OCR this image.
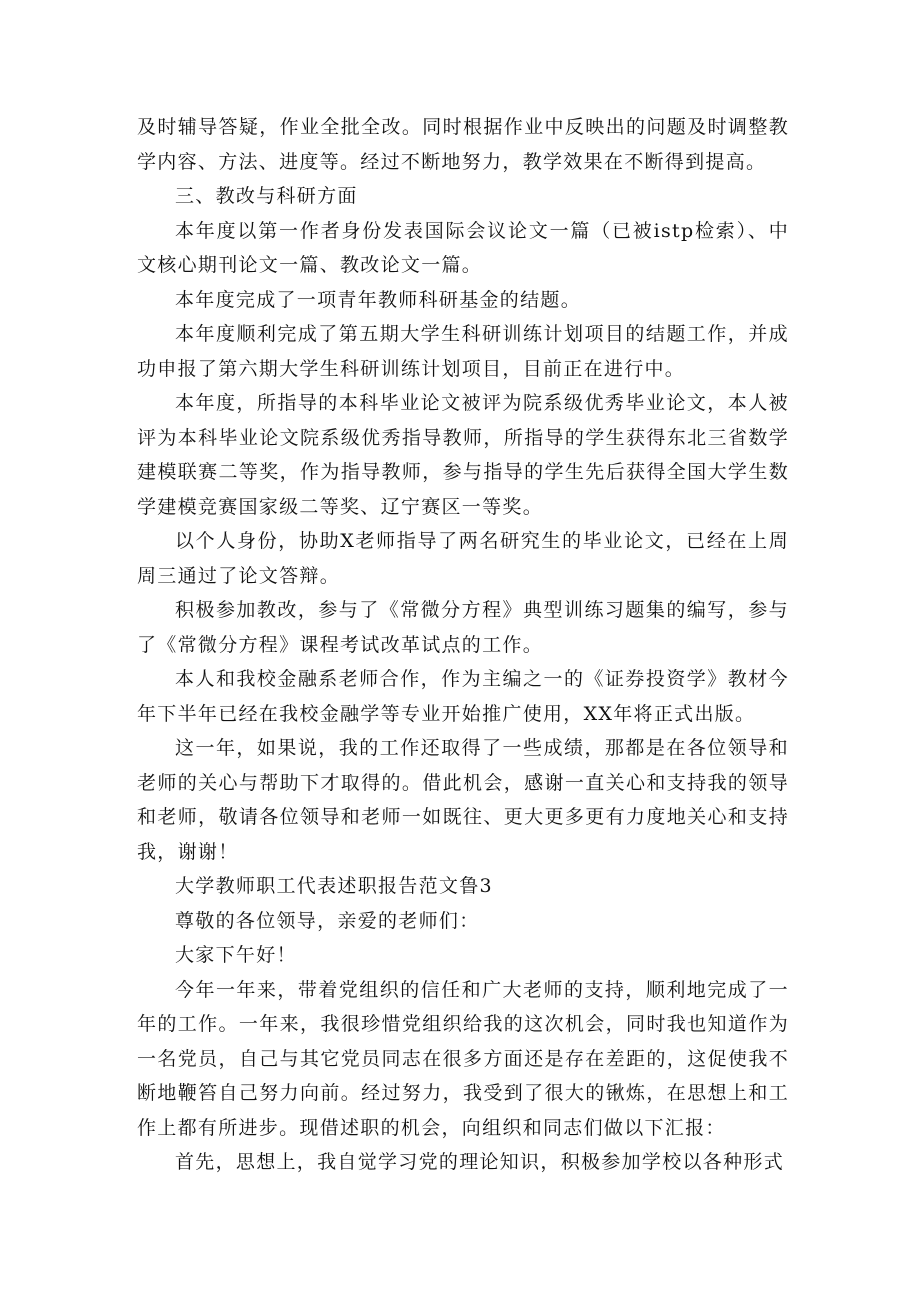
及时辅导答疑，作业全批全改。同时根据作业中反映出的问题及时调整教学内容、方法、进度等。经过不断地努力，教学效果在不断得到提高。

三、教改与科研方面

本年度以第一作者身份发表国际会议论文一篇（已被istp检索）、中文核心期刊论文一篇、教改论文一篇。

本年度完成了一项青年教师科研基金的结题。

本年度顺利完成了第五期大学生科研训练计划项目的结题工作，并成功申报了第六期大学生科研训练计划项目，目前正在进行中。

本年度，所指导的本科毕业论文被评为院系级优秀毕业论文，本人被评为本科毕业论文院系级优秀指导教师，所指导的学生获得东北三省数学建模联赛二等奖，作为指导教师，参与指导的学生先后获得全国大学生数学建模竞赛国家级二等奖、辽宁赛区一等奖。

以个人身份，协助X老师指导了两名研究生的毕业论文，已经在上周周三通过了论文答辩。

积极参加教改，参与了《常微分方程》典型训练习题集的编写，参与了《常微分方程》课程考试改革试点的工作。

本人和我校金融系老师合作，作为主编之一的《证券投资学》教材今年下半年已经在我校金融学等专业开始推广使用，XX年将正式出版。

这一年，如果说，我的工作还取得了一些成绩，那都是在各位领导和老师的关心与帮助下才取得的。借此机会，感谢一直关心和支持我的领导和老师，敬请各位领导和老师一如既往、更大更多更有力度地关心和支持我，谢谢！

大学教师职工代表述职报告范文鲁3

尊敬的各位领导，亲爱的老师们：

大家下午好！

今年一年来，带着党组织的信任和广大老师的支持，顺利地完成了一年的工作。一年来，我很珍惜党组织给我的这次机会，同时我也知道作为一名党员，自己与其它党员同志在很多方面还是存在差距的，这促使我不断地鞭笞自己努力向前。经过努力，我受到了很大的锹炼，在思想上和工作上都有所进步。现借述职的机会，向组织和同志们做以下汇报：

首先，思想上，我自觉学习党的理论知识，积极参加学校以各种形式
